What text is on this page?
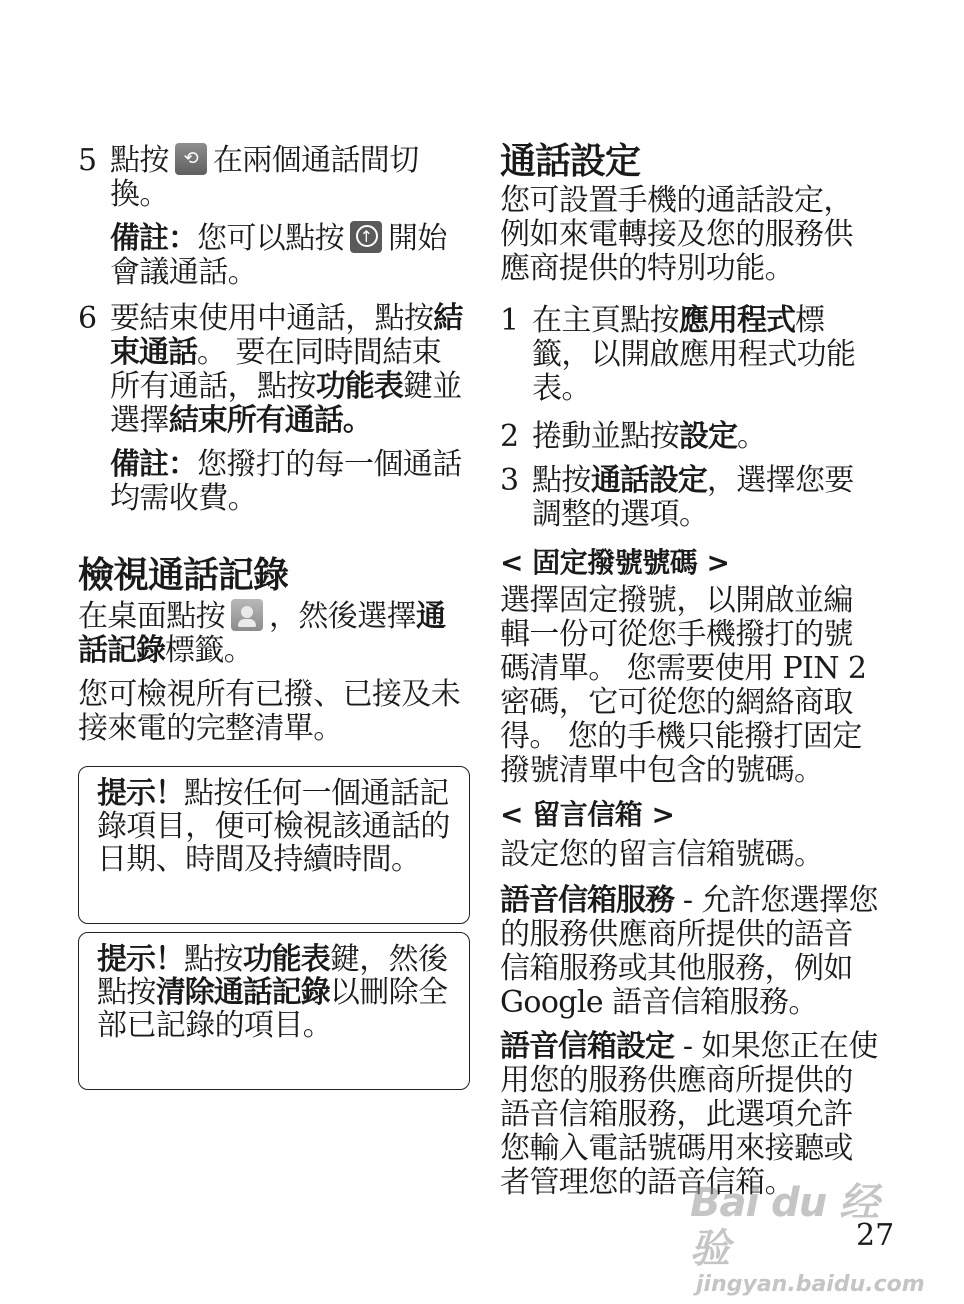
5 點按 ⟲ 在兩個通話間切換。

備註：您可以點按 ↑ 開始會議通話。

6 要結束使用中通話，點按結束通話。 要在同時間結束所有通話，點按功能表鍵並選擇結束所有通話。

備註：您撥打的每一個通話均需收費。

檢視通話記錄

在桌面點按 ，然後選擇通話記錄標籤。

您可檢視所有已撥、已接及未接來電的完整清單。

提示！點按任何一個通話記錄項目，便可檢視該通話的日期、時間及持續時間。

提示！點按功能表鍵，然後點按清除通話記錄以刪除全部已記錄的項目。

通話設定

您可設置手機的通話設定，例如來電轉接及您的服務供應商提供的特別功能。

1 在主頁點按應用程式標籤，以開啟應用程式功能表。

2 捲動並點按設定。

3 點按通話設定，選擇您要調整的選項。

< 固定撥號號碼 >

選擇固定撥號，以開啟並編輯一份可從您手機撥打的號碼清單。 您需要使用 PIN 2 密碼，它可從您的網絡商取得。 您的手機只能撥打固定撥號清單中包含的號碼。

< 留言信箱 >

設定您的留言信箱號碼。

語音信箱服務 - 允許您選擇您的服務供應商所提供的語音信箱服務或其他服務，例如 Google 語音信箱服務。

語音信箱設定 - 如果您正在使用您的服務供應商所提供的語音信箱服務，此選項允許您輸入電話號碼用來接聽或者管理您的語音信箱。

Bai du 经验
jingyan.baidu.com
27
